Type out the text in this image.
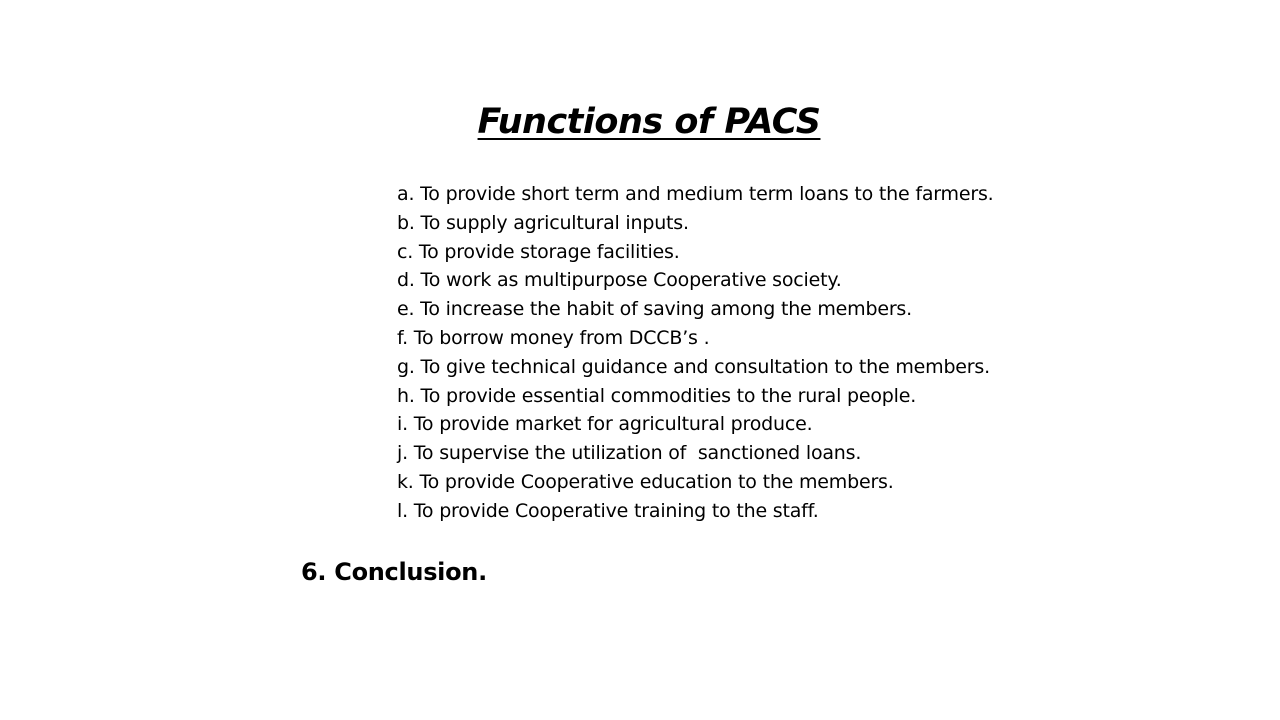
Functions of PACS
a. To provide short term and medium term loans to the farmers.
b. To supply agricultural inputs.
c. To provide storage facilities.
d. To work as multipurpose Cooperative society.
e. To increase the habit of saving among the members.
f. To borrow money from DCCB’s .
g. To give technical guidance and consultation to the members.
h. To provide essential commodities to the rural people.
i. To provide market for agricultural produce.
j. To supervise the utilization of  sanctioned loans.
k. To provide Cooperative education to the members.
l. To provide Cooperative training to the staff.
6. Conclusion.
